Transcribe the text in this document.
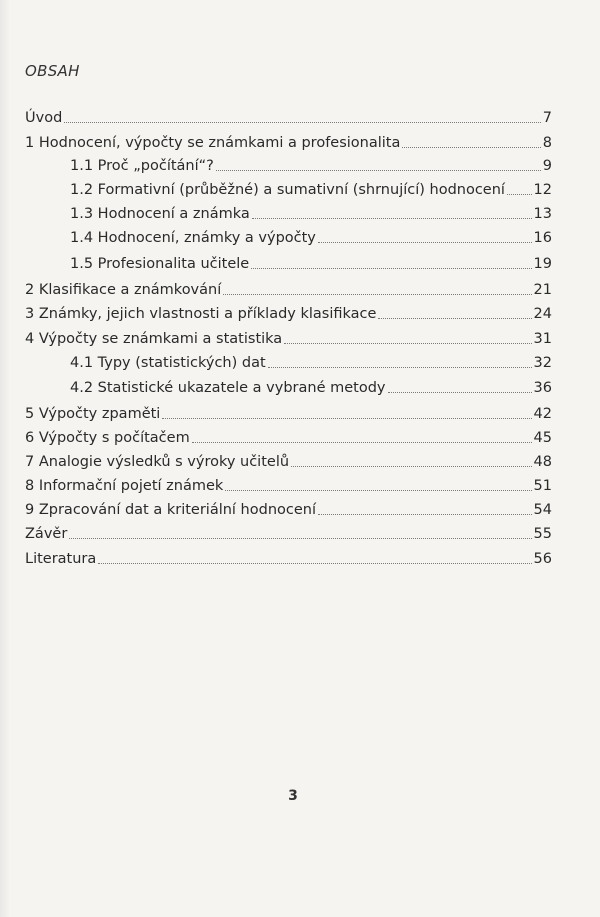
OBSAH
Úvod	7
1 Hodnocení, výpočty se známkami a profesionalita	8
1.1 Proč „počítání“?	9
1.2 Formativní (průběžné) a sumativní (shrnující) hodnocení 12
1.3 Hodnocení a známka	13
1.4 Hodnocení, známky a výpočty	16
1.5 Profesionalita učitele	19
2 Klasifikace a známkování	21
3 Známky, jejich vlastnosti a příklady klasifikace	24
4 Výpočty se známkami a statistika	31
4.1 Typy (statistických) dat	32
4.2 Statistické ukazatele a vybrané metody	36
5 Výpočty zpaměti	42
6 Výpočty s počítačem	45
7 Analogie výsledků s výroky učitelů	48
8 Informační pojetí známek	51
9 Zpracování dat a kriteriální hodnocení	54
Závěr	55
Literatura	56
3
